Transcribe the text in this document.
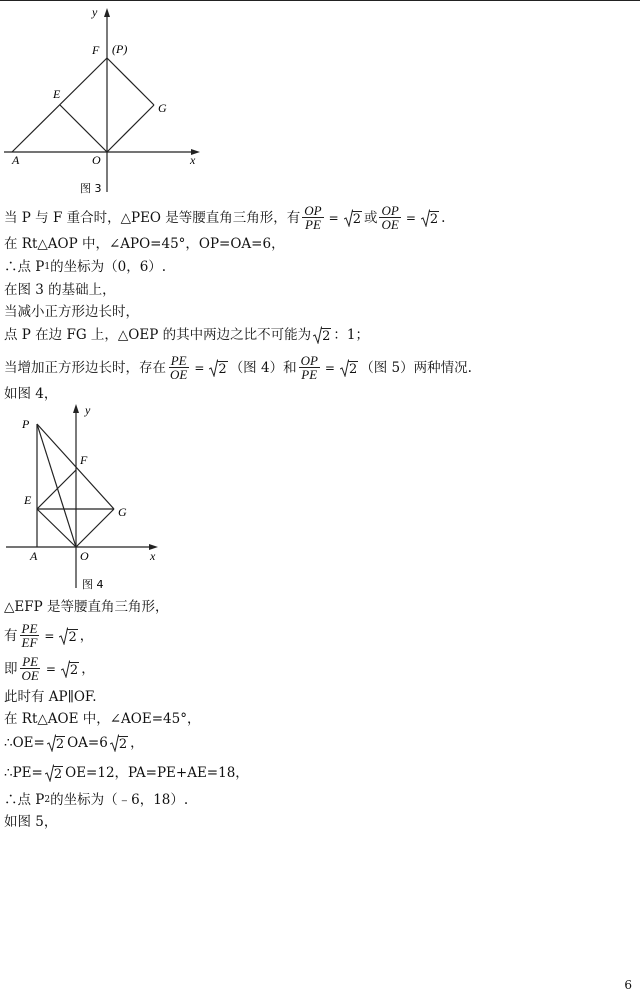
y
x
F (P)
E
G
A	O
图 3
当 P 与 F 重合时，△PEO 是等腰直角三角形，有 $\frac{OP}{PE} = 2$ 或 $\frac{OP}{OE} = 2$ .
在 Rt△AOP 中，∠APO=45°，OP=OA=6，
∴点 P 1 的坐标为（0，6）.
在图 3 的基础上，
当减小正方形边长时，
点 P 在边 FG 上，△OEP 的其中两边之比不可能为 2 ：1；
当增加正方形边长时，存在 $\frac{PE}{OE} = 2$ （图 4）和 $\frac{OP}{PE} = 2$ （图 5）两种情况.
如图 4，
y
x
P
F
E
G
A	O
图 4
△EFP 是等腰直角三角形，
有 $\frac{PE}{EF} = 2$ ，
即 $\frac{PE}{OE} = 2$ ，
此时有 AP∥OF.
在 Rt△AOE 中，∠AOE=45°，
∴OE= 2 OA=6 2 ，
∴PE= 2 OE=12，PA=PE+AE=18，
∴点 P 2 的坐标为（﹣6，18）.
如图 5，
6
